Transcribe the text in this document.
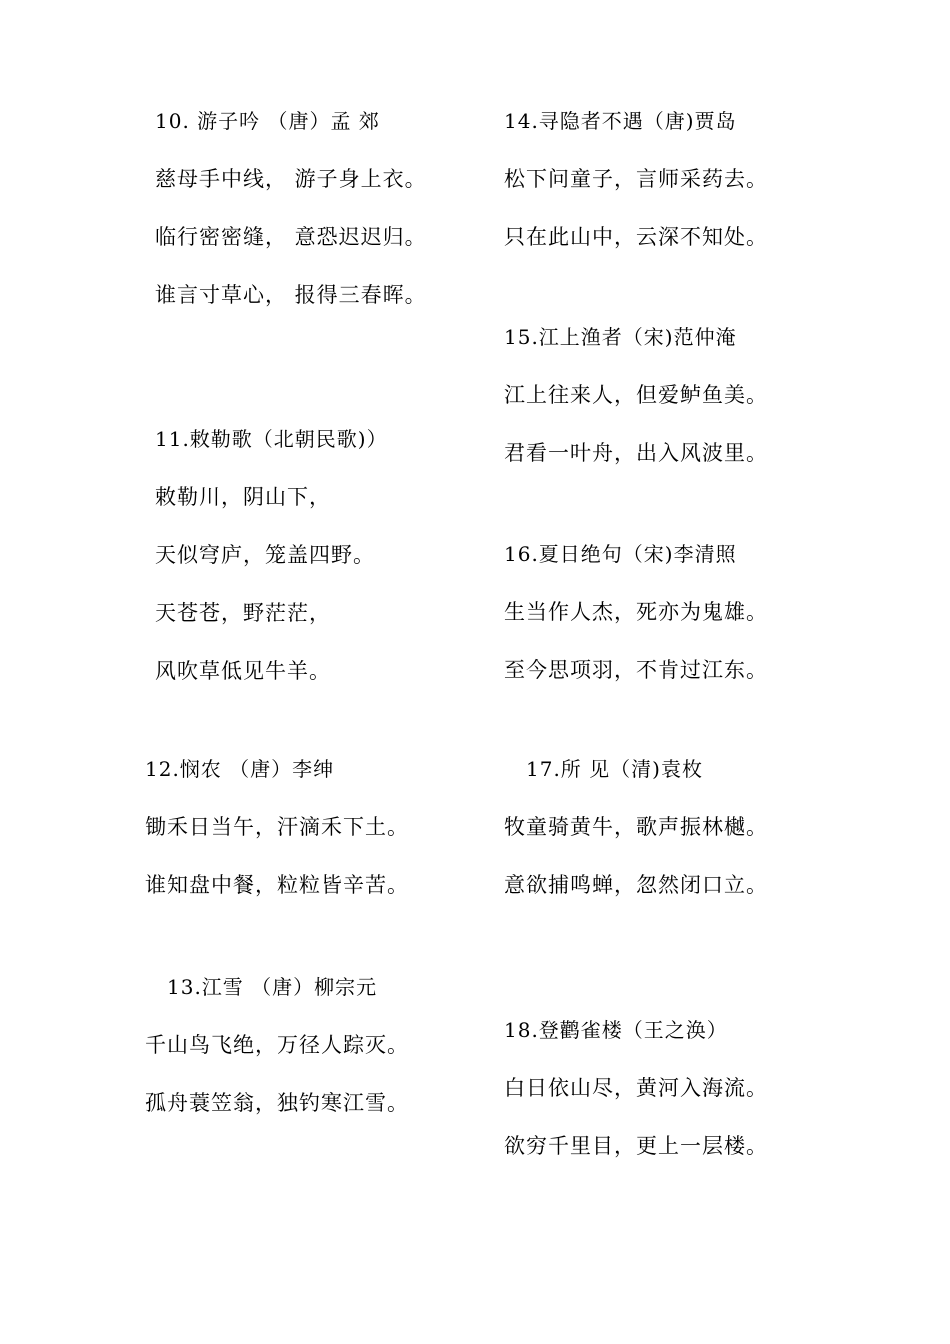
10. 游子吟 （唐）孟 郊
慈母手中线， 游子身上衣。
临行密密缝， 意恐迟迟归。
谁言寸草心， 报得三春晖。
11.敕勒歌（北朝民歌)）
敕勒川，阴山下，
天似穹庐，笼盖四野。
天苍苍，野茫茫，
风吹草低见牛羊。
12.悯农 （唐）李绅
锄禾日当午，汗滴禾下土。
谁知盘中餐，粒粒皆辛苦。
13.江雪 （唐）柳宗元
千山鸟飞绝，万径人踪灭。
孤舟蓑笠翁，独钓寒江雪。
14.寻隐者不遇（唐)贾岛
松下问童子，言师采药去。
只在此山中，云深不知处。
15.江上渔者（宋)范仲淹
江上往来人，但爱鲈鱼美。
君看一叶舟，出入风波里。
16.夏日绝句（宋)李清照
生当作人杰，死亦为鬼雄。
至今思项羽，不肯过江东。
17.所 见（清)袁枚
牧童骑黄牛，歌声振林樾。
意欲捕鸣蝉，忽然闭口立。
18.登鹳雀楼（王之涣）
白日依山尽，黄河入海流。
欲穷千里目，更上一层楼。
